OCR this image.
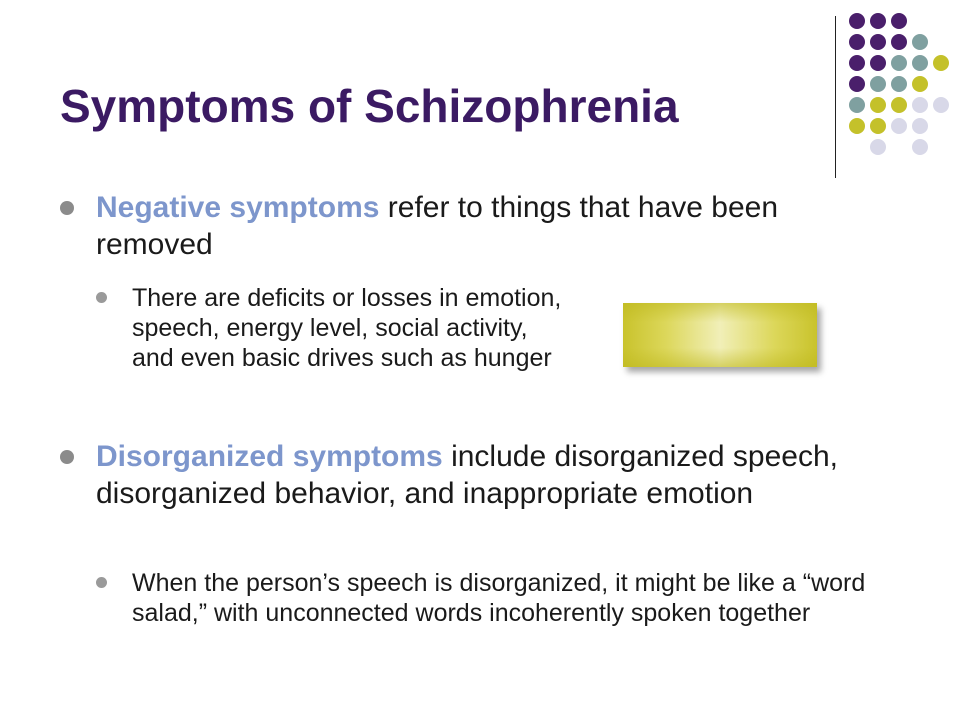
Symptoms of Schizophrenia
Negative symptoms refer to things that have been removed
There are deficits or losses in emotion, speech, energy level, social activity, and even basic drives such as hunger
Disorganized symptoms include disorganized speech, disorganized behavior, and inappropriate emotion
When the person’s speech is disorganized, it might be like a “word salad,” with unconnected words incoherently spoken together
